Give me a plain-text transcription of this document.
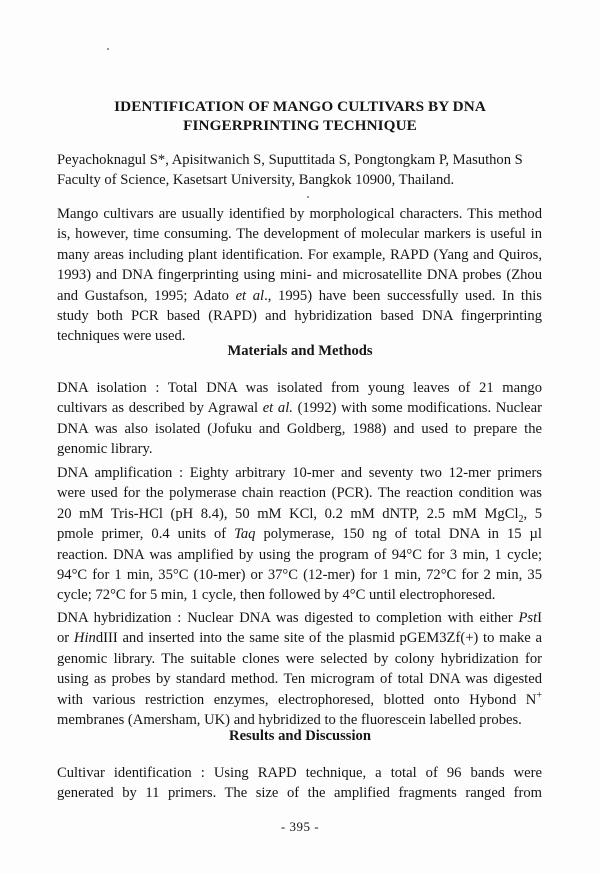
IDENTIFICATION OF MANGO CULTIVARS BY DNA
FINGERPRINTING TECHNIQUE
Peyachoknagul S*, Apisitwanich S, Suputtitada S, Pongtongkam P, Masuthon S
Faculty of Science, Kasetsart University, Bangkok 10900, Thailand.
Mango cultivars are usually identified by morphological characters. This method
is, however, time consuming. The development of molecular markers is useful in
many areas including plant identification. For example, RAPD (Yang and Quiros,
1993) and DNA fingerprinting using mini- and microsatellite DNA probes (Zhou
and Gustafson, 1995; Adato et al., 1995) have been successfully used. In this
study both PCR based (RAPD) and hybridization based DNA fingerprinting
techniques were used.
Materials and Methods
DNA isolation : Total DNA was isolated from young leaves of 21 mango
cultivars as described by Agrawal et al. (1992) with some modifications. Nuclear
DNA was also isolated (Jofuku and Goldberg, 1988) and used to prepare the
genomic library.
DNA amplification : Eighty arbitrary 10-mer and seventy two 12-mer primers
were used for the polymerase chain reaction (PCR). The reaction condition was
20 mM Tris-HCl (pH 8.4), 50 mM KCl, 0.2 mM dNTP, 2.5 mM MgCl$_2$, 5
pmole primer, 0.4 units of Taq polymerase, 150 ng of total DNA in 15 µl
reaction. DNA was amplified by using the program of 94°C for 3 min, 1 cycle;
94°C for 1 min, 35°C (10-mer) or 37°C (12-mer) for 1 min, 72°C for 2 min, 35
cycle; 72°C for 5 min, 1 cycle, then followed by 4°C until electrophoresed.
DNA hybridization : Nuclear DNA was digested to completion with either PstI
or HindIII and inserted into the same site of the plasmid pGEM3Zf(+) to make a
genomic library. The suitable clones were selected by colony hybridization for
using as probes by standard method. Ten microgram of total DNA was digested
with various restriction enzymes, electrophoresed, blotted onto Hybond N+
membranes (Amersham, UK) and hybridized to the fluorescein labelled probes.
Results and Discussion
Cultivar identification : Using RAPD technique, a total of 96 bands were
generated by 11 primers. The size of the amplified fragments ranged from
- 395 -
